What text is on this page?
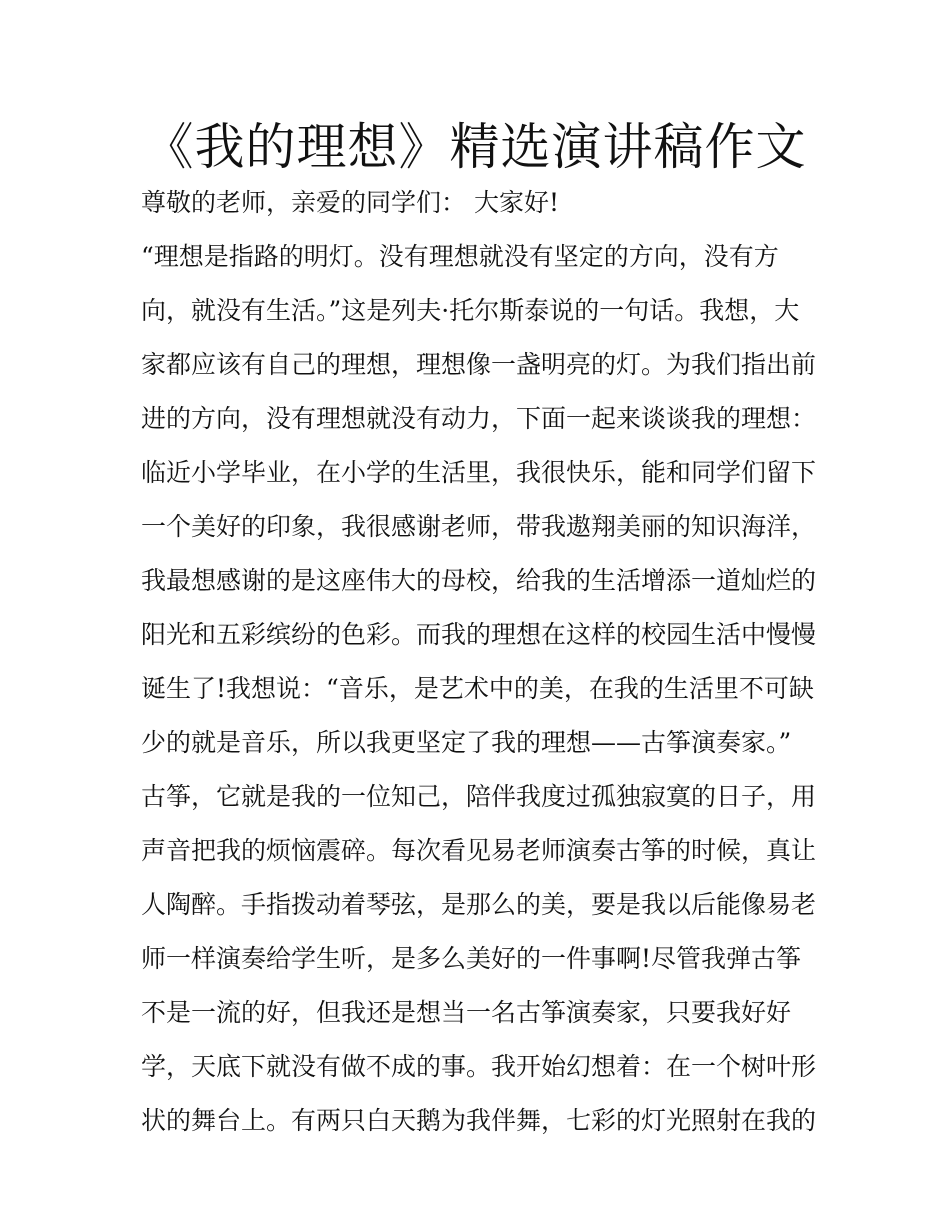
《我的理想》精选演讲稿作文
尊敬的老师，亲爱的同学们： 大家好!
“理想是指路的明灯。没有理想就没有坚定的方向，没有方
向，就没有生活。”这是列夫·托尔斯泰说的一句话。我想，大
家都应该有自己的理想，理想像一盏明亮的灯。为我们指出前
进的方向，没有理想就没有动力，下面一起来谈谈我的理想：
临近小学毕业，在小学的生活里，我很快乐，能和同学们留下
一个美好的印象，我很感谢老师，带我遨翔美丽的知识海洋，
我最想感谢的是这座伟大的母校，给我的生活增添一道灿烂的
阳光和五彩缤纷的色彩。而我的理想在这样的校园生活中慢慢
诞生了!我想说：“音乐，是艺术中的美，在我的生活里不可缺
少的就是音乐，所以我更坚定了我的理想——古筝演奏家。”
古筝，它就是我的一位知己，陪伴我度过孤独寂寞的日子，用
声音把我的烦恼震碎。每次看见易老师演奏古筝的时候，真让
人陶醉。手指拨动着琴弦，是那么的美，要是我以后能像易老
师一样演奏给学生听，是多么美好的一件事啊!尽管我弹古筝
不是一流的好，但我还是想当一名古筝演奏家，只要我好好
学，天底下就没有做不成的事。我开始幻想着：在一个树叶形
状的舞台上。有两只白天鹅为我伴舞，七彩的灯光照射在我的
